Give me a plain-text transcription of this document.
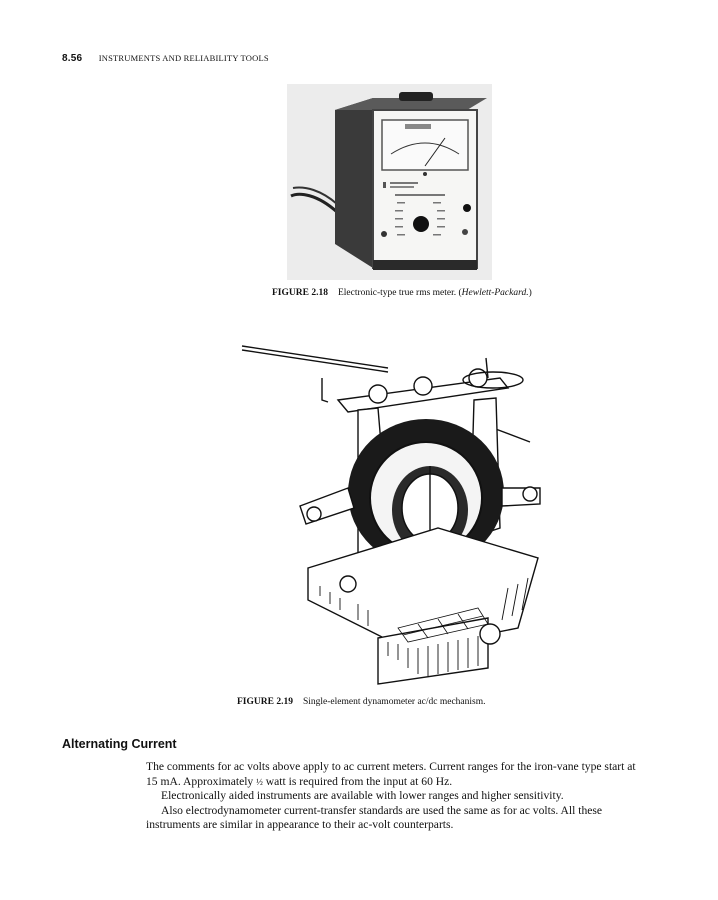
8.56 INSTRUMENTS AND RELIABILITY TOOLS
FIGURE 2.18 Electronic-type true rms meter. (Hewlett-Packard.)
FIGURE 2.19 Single-element dynamometer ac/dc mechanism.
Alternating Current

The comments for ac volts above apply to ac current meters. Current ranges for the iron-vane type start at 15 mA. Approximately ½ watt is required from the input at 60 Hz.

Electronically aided instruments are available with lower ranges and higher sensitivity.

Also electrodynamometer current-transfer standards are used the same as for ac volts. All these instruments are similar in appearance to their ac-volt counterparts.
